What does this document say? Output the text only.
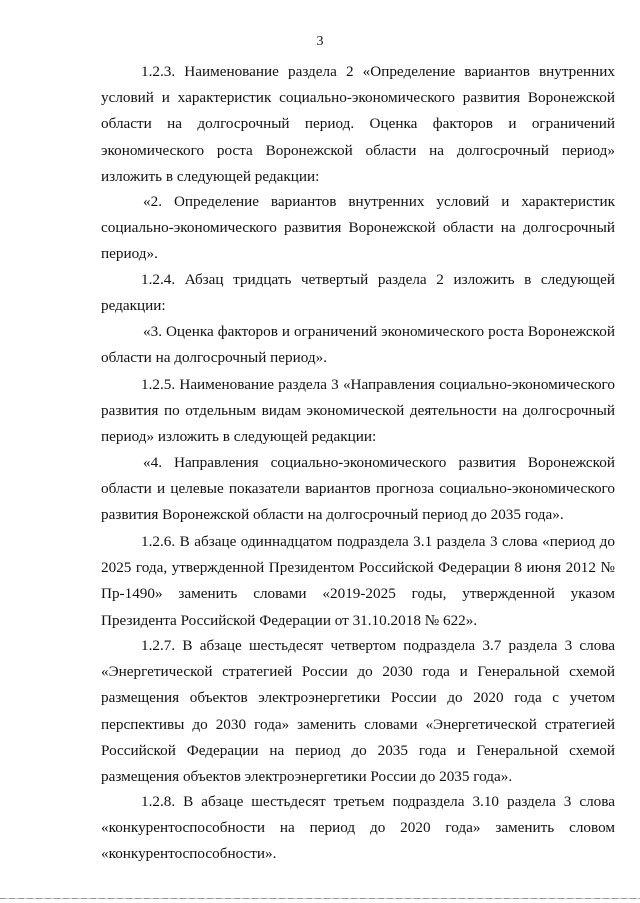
3

1.2.3. Наименование раздела 2 «Определение вариантов внутренних условий и характеристик социально-экономического развития Воронежской области на долгосрочный период. Оценка факторов и ограничений экономического роста Воронежской области на долгосрочный период» изложить в следующей редакции:

«2. Определение вариантов внутренних условий и характеристик социально-экономического развития Воронежской области на долгосрочный период».

1.2.4. Абзац тридцать четвертый раздела 2 изложить в следующей редакции:

«3. Оценка факторов и ограничений экономического роста Воронежской области на долгосрочный период».

1.2.5. Наименование раздела 3 «Направления социально-экономического развития по отдельным видам экономической деятельности на долгосрочный период» изложить в следующей редакции:

«4. Направления социально-экономического развития Воронежской области и целевые показатели вариантов прогноза социально-экономического развития Воронежской области на долгосрочный период до 2035 года».

1.2.6. В абзаце одиннадцатом подраздела 3.1 раздела 3 слова «период до 2025 года, утвержденной Президентом Российской Федерации 8 июня 2012 № Пр-1490» заменить словами «2019-2025 годы, утвержденной указом Президента Российской Федерации от 31.10.2018 № 622».

1.2.7. В абзаце шестьдесят четвертом подраздела 3.7 раздела 3 слова «Энергетической стратегией России до 2030 года и Генеральной схемой размещения объектов электроэнергетики России до 2020 года с учетом перспективы до 2030 года» заменить словами «Энергетической стратегией Российской Федерации на период до 2035 года и Генеральной схемой размещения объектов электроэнергетики России до 2035 года».

1.2.8. В абзаце шестьдесят третьем подраздела 3.10 раздела 3 слова «конкурентоспособности на период до 2020 года» заменить словом «конкурентоспособности».
